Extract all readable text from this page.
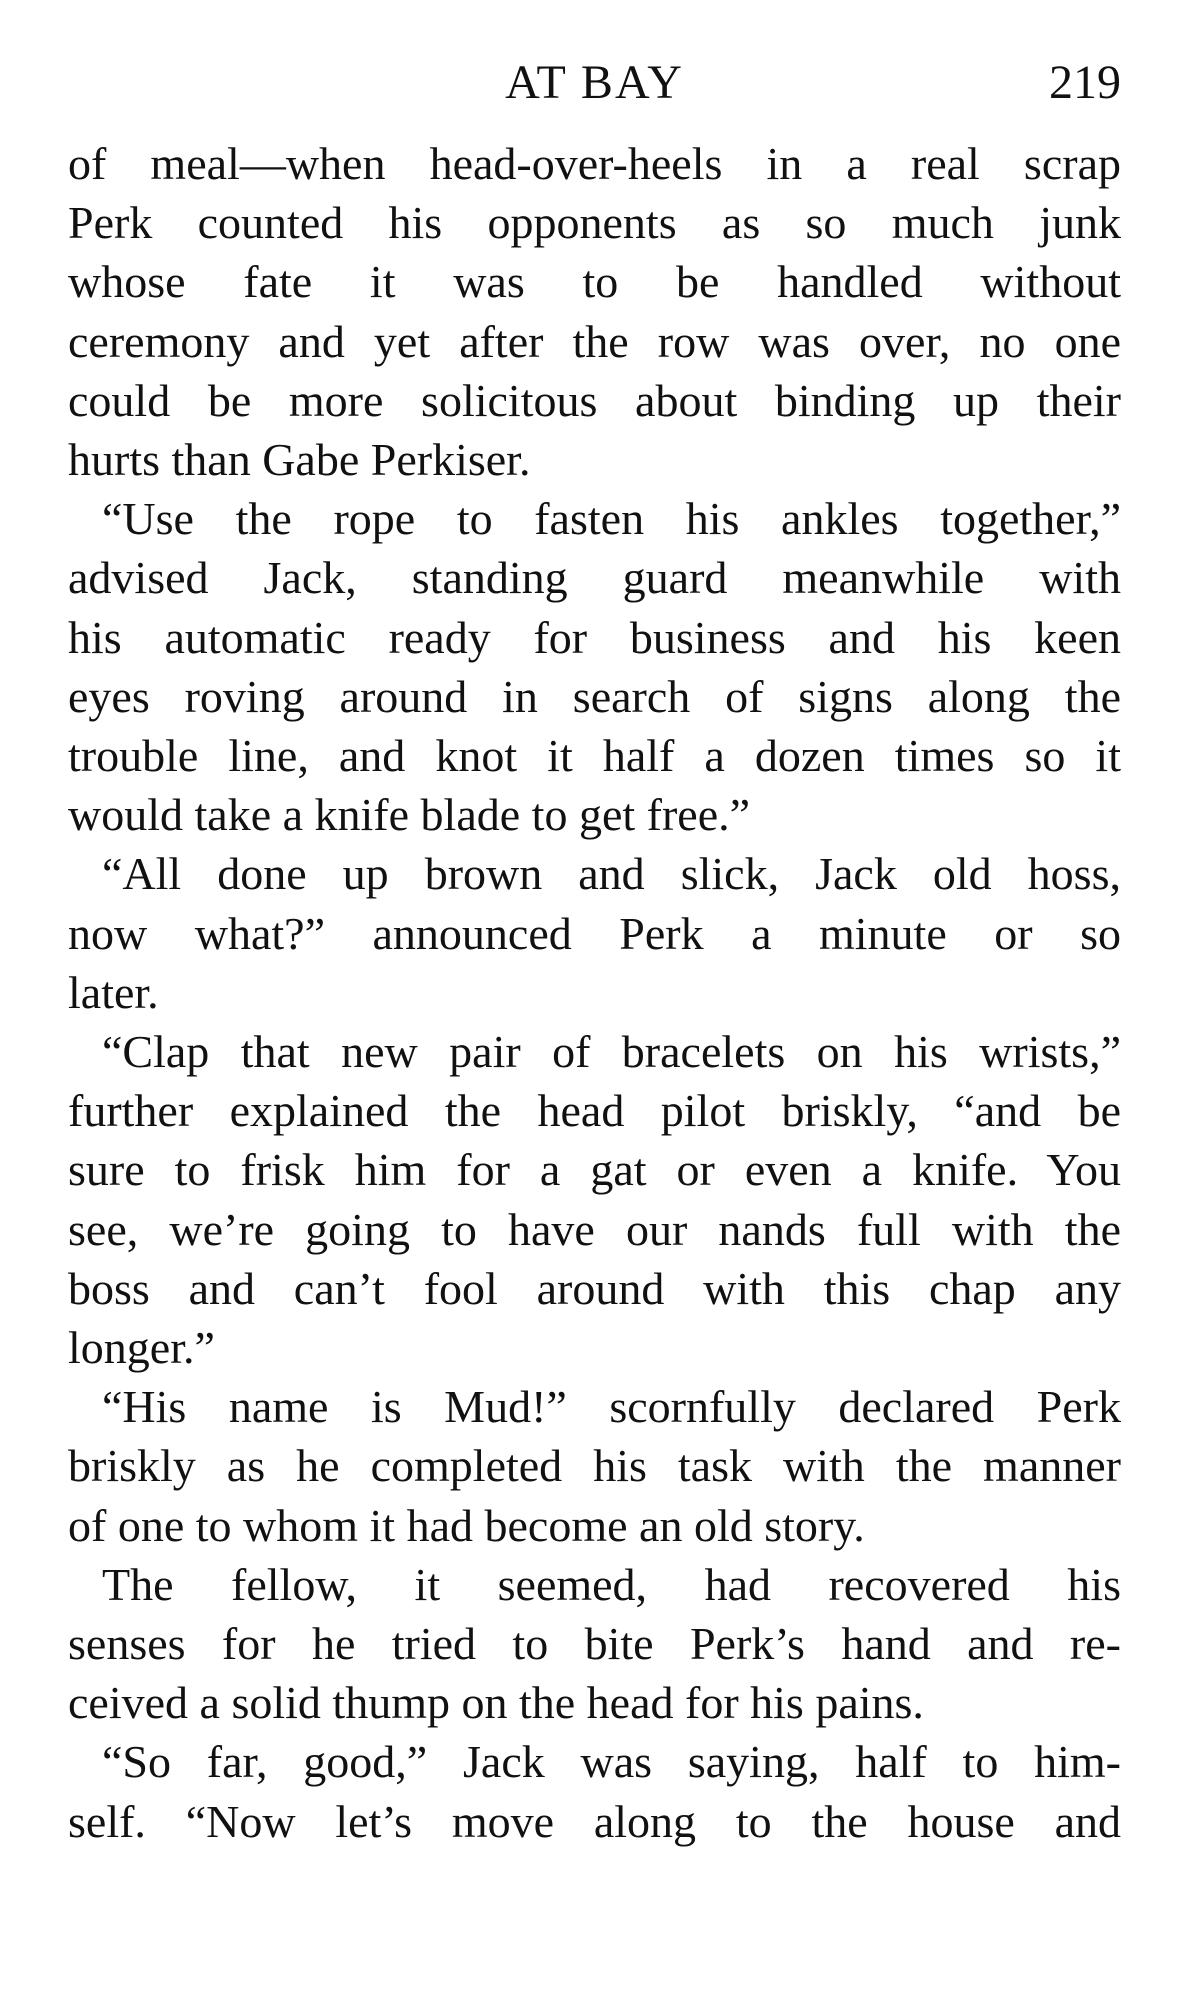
AT BAY	219
of meal—when head-over-heels in a real scrap
Perk counted his opponents as so much junk
whose fate it was to be handled without
ceremony and yet after the row was over, no one
could be more solicitous about binding up their
hurts than Gabe Perkiser.
“Use the rope to fasten his ankles together,”
advised Jack, standing guard meanwhile with
his automatic ready for business and his keen
eyes roving around in search of signs along the
trouble line, and knot it half a dozen times so it
would take a knife blade to get free.”
“All done up brown and slick, Jack old hoss,
now what?” announced Perk a minute or so
later.
“Clap that new pair of bracelets on his wrists,”
further explained the head pilot briskly, “and be
sure to frisk him for a gat or even a knife. You
see, we’re going to have our nands full with the
boss and can’t fool around with this chap any
longer.”
“His name is Mud!” scornfully declared Perk
briskly as he completed his task with the manner
of one to whom it had become an old story.
The fellow, it seemed, had recovered his
senses for he tried to bite Perk’s hand and re-
ceived a solid thump on the head for his pains.
“So far, good,” Jack was saying, half to him-
self. “Now let’s move along to the house and
